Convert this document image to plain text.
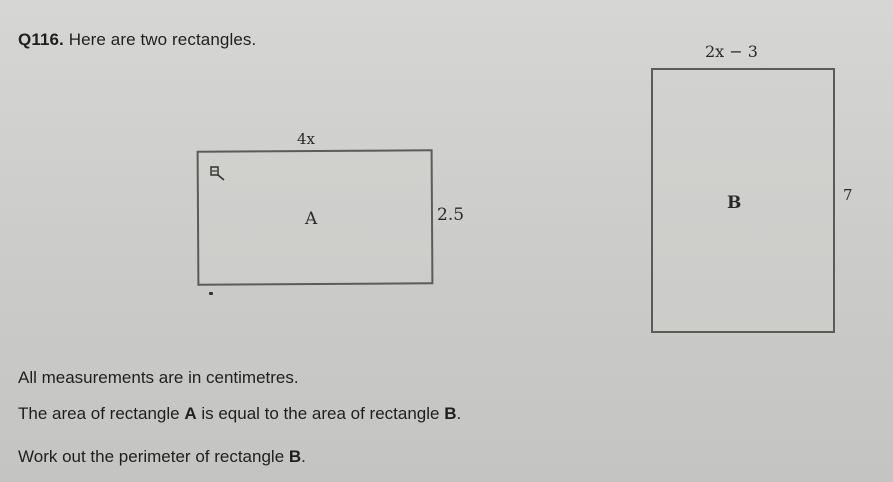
Q116. Here are two rectangles.
4x
A	2.5
2x − 3
B	7
All measurements are in centimetres.
The area of rectangle A is equal to the area of rectangle B.
Work out the perimeter of rectangle B.
